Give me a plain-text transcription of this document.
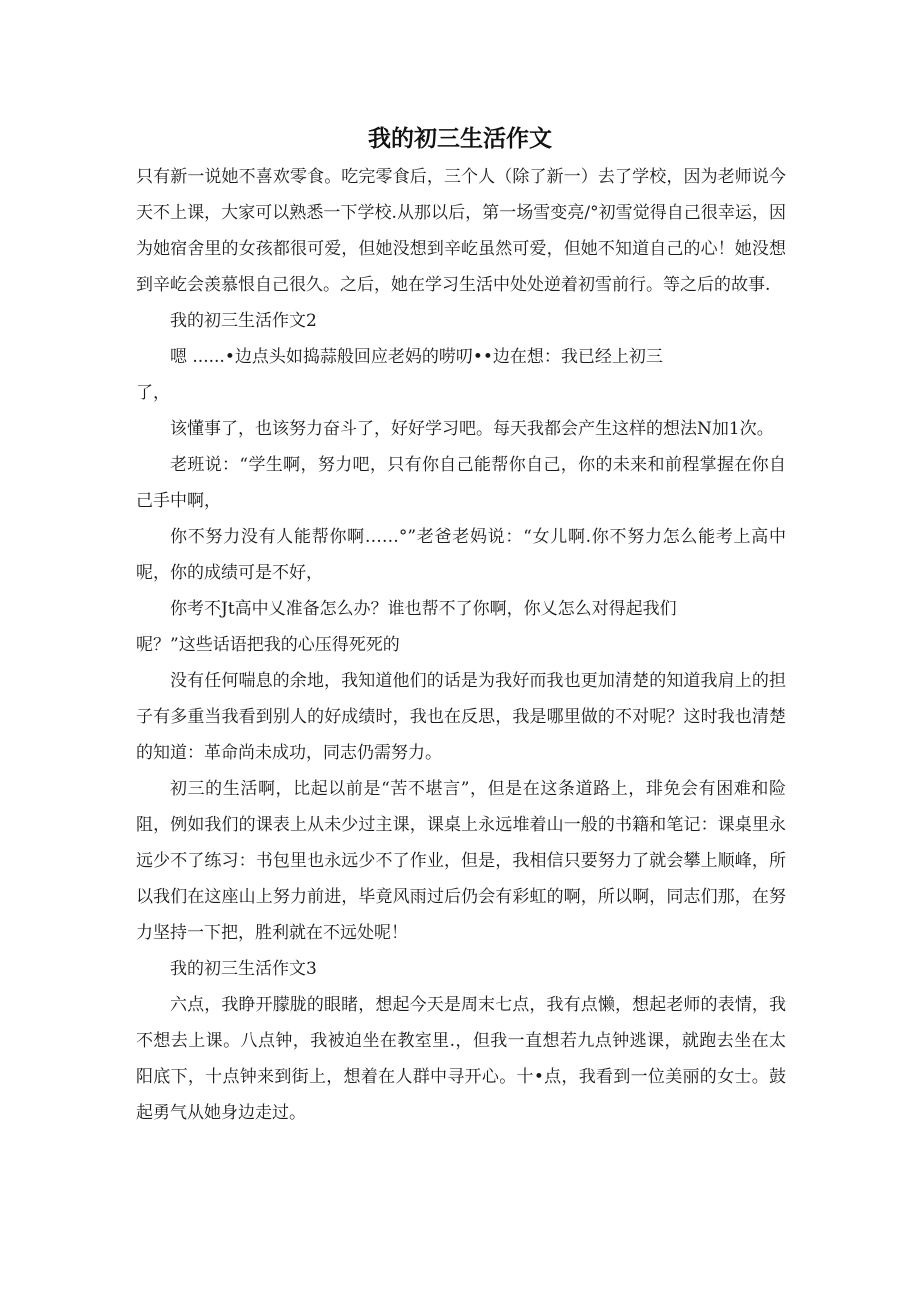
我的初三生活作文

只有新一说她不喜欢零食。吃完零食后，三个人（除了新一）去了学校，因为老师说今天不上课，大家可以熟悉一下学校.从那以后，第一场雪变亮/°初雪觉得自己很幸运，因为她宿舍里的女孩都很可爱，但她没想到辛屹虽然可爱，但她不知道自己的心！她没想到辛屹会羡慕恨自己很久。之后，她在学习生活中处处逆着初雪前行。等之后的故事.

我的初三生活作文2

嗯 ......•边点头如捣蒜般回应老妈的唠叨••边在想：我已经上初三

了，

该懂事了，也该努力奋斗了，好好学习吧。每天我都会产生这样的想法N加1次。

老班说：“学生啊，努力吧，只有你自己能帮你自己，你的未来和前程掌握在你自己手中啊，

你不努力没有人能帮你啊……°”老爸老妈说：“女儿啊.你不努力怎么能考上高中呢，你的成绩可是不好，

你考不Jt高中乂准备怎么办？谁也帮不了你啊，你乂怎么对得起我们

呢？”这些话语把我的心压得死死的

没有任何喘息的余地，我知道他们的话是为我好而我也更加清楚的知道我肩上的担子有多重当我看到别人的好成绩时，我也在反思，我是哪里做的不对呢？这时我也清楚的知道：革命尚未成功，同志仍需努力。

初三的生活啊，比起以前是“苦不堪言”，但是在这条道路上，琲免会有困难和险阻，例如我们的课表上从未少过主课，课桌上永远堆着山一般的书籍和笔记：课桌里永远少不了练习：书包里也永远少不了作业，但是，我相信只要努力了就会攀上顺峰，所以我们在这座山上努力前进，毕竟风雨过后仍会有彩虹的啊，所以啊，同志们那，在努力坚持一下把，胜利就在不远处呢！

我的初三生活作文3

六点，我睁开朦胧的眼睹，想起今天是周末七点，我有点懒，想起老师的表情，我不想去上课。八点钟，我被迫坐在教室里.，但我一直想若九点钟逃课，就跑去坐在太阳底下，十点钟来到街上，想着在人群中寻开心。十•点，我看到一位美丽的女士。鼓起勇气从她身边走过。
